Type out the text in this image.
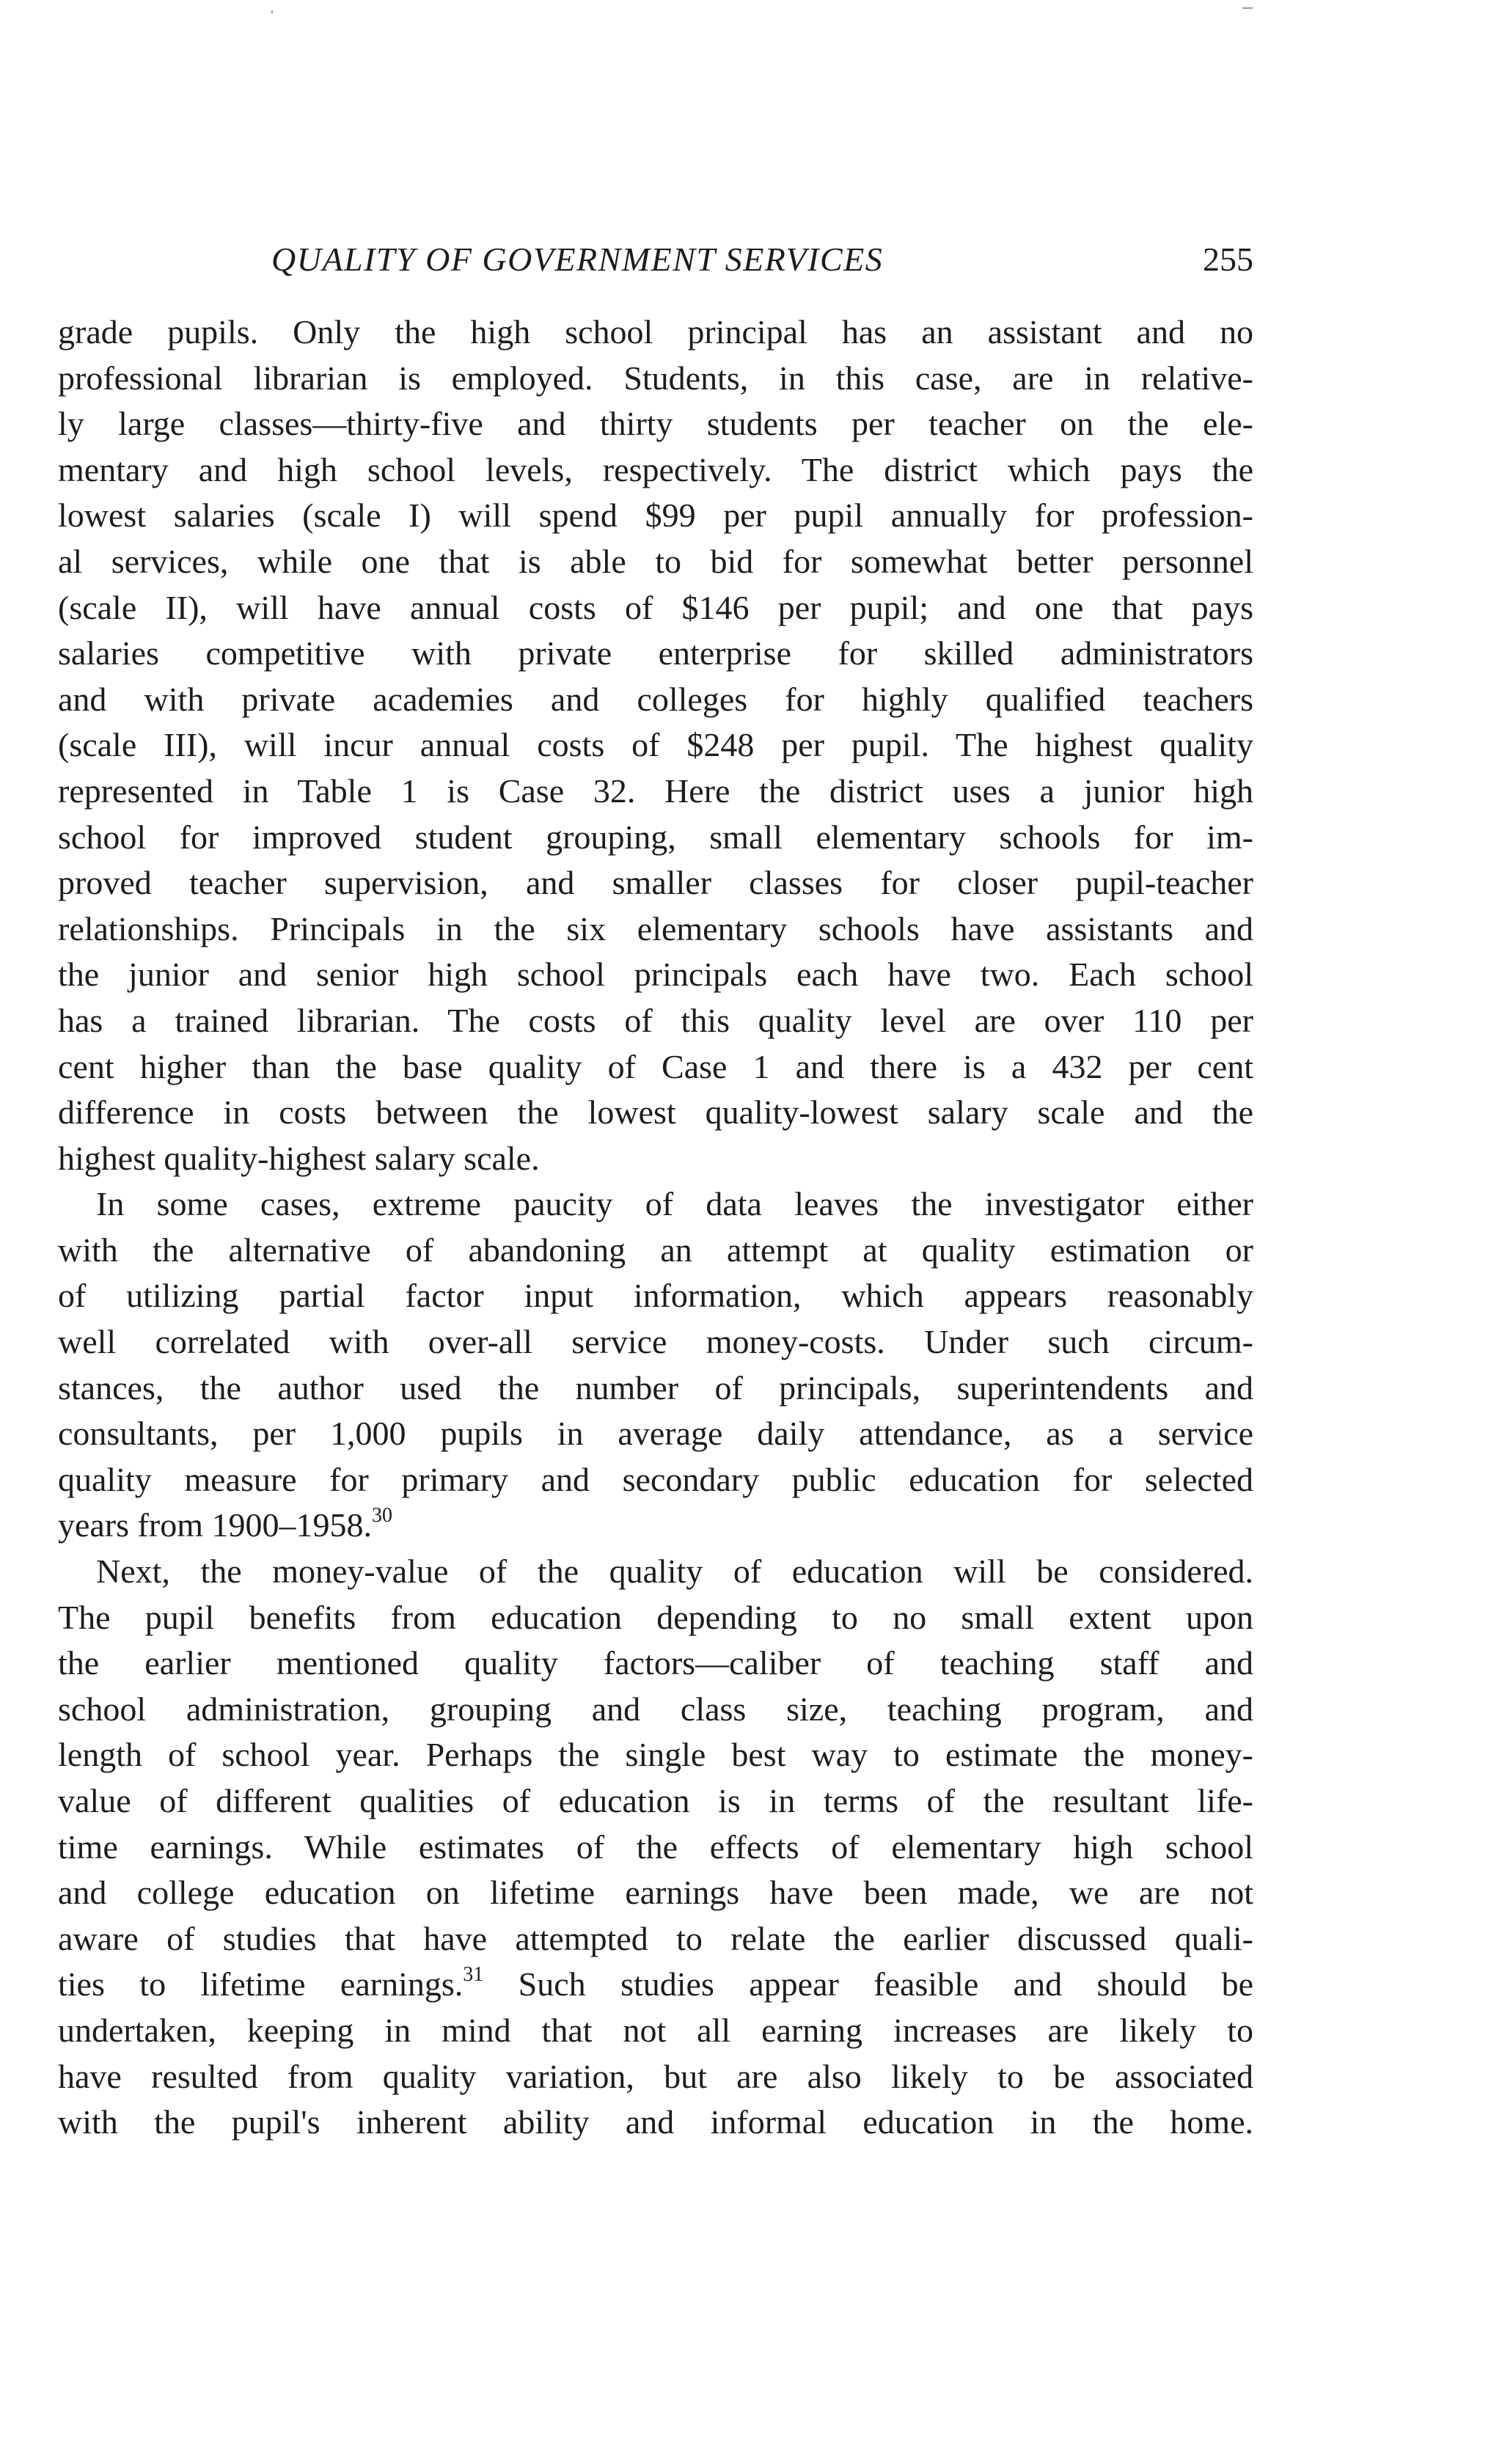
QUALITY OF GOVERNMENT SERVICES	255
grade pupils. Only the high school principal has an assistant and no
professional librarian is employed. Students, in this case, are in relative-
ly large classes—thirty-five and thirty students per teacher on the ele-
mentary and high school levels, respectively. The district which pays the
lowest salaries (scale I) will spend $99 per pupil annually for profession-
al services, while one that is able to bid for somewhat better personnel
(scale II), will have annual costs of $146 per pupil; and one that pays
salaries competitive with private enterprise for skilled administrators
and with private academies and colleges for highly qualified teachers
(scale III), will incur annual costs of $248 per pupil. The highest quality
represented in Table 1 is Case 32. Here the district uses a junior high
school for improved student grouping, small elementary schools for im-
proved teacher supervision, and smaller classes for closer pupil-teacher
relationships. Principals in the six elementary schools have assistants and
the junior and senior high school principals each have two. Each school
has a trained librarian. The costs of this quality level are over 110 per
cent higher than the base quality of Case 1 and there is a 432 per cent
difference in costs between the lowest quality-lowest salary scale and the
highest quality-highest salary scale.
In some cases, extreme paucity of data leaves the investigator either
with the alternative of abandoning an attempt at quality estimation or
of utilizing partial factor input information, which appears reasonably
well correlated with over-all service money-costs. Under such circum-
stances, the author used the number of principals, superintendents and
consultants, per 1,000 pupils in average daily attendance, as a service
quality measure for primary and secondary public education for selected
years from 1900–1958.30
Next, the money-value of the quality of education will be considered.
The pupil benefits from education depending to no small extent upon
the earlier mentioned quality factors—caliber of teaching staff and
school administration, grouping and class size, teaching program, and
length of school year. Perhaps the single best way to estimate the money-
value of different qualities of education is in terms of the resultant life-
time earnings. While estimates of the effects of elementary high school
and college education on lifetime earnings have been made, we are not
aware of studies that have attempted to relate the earlier discussed quali-
ties to lifetime earnings.$^{31}$ Such studies appear feasible and should be
undertaken, keeping in mind that not all earning increases are likely to
have resulted from quality variation, but are also likely to be associated
with the pupil's inherent ability and informal education in the home.
